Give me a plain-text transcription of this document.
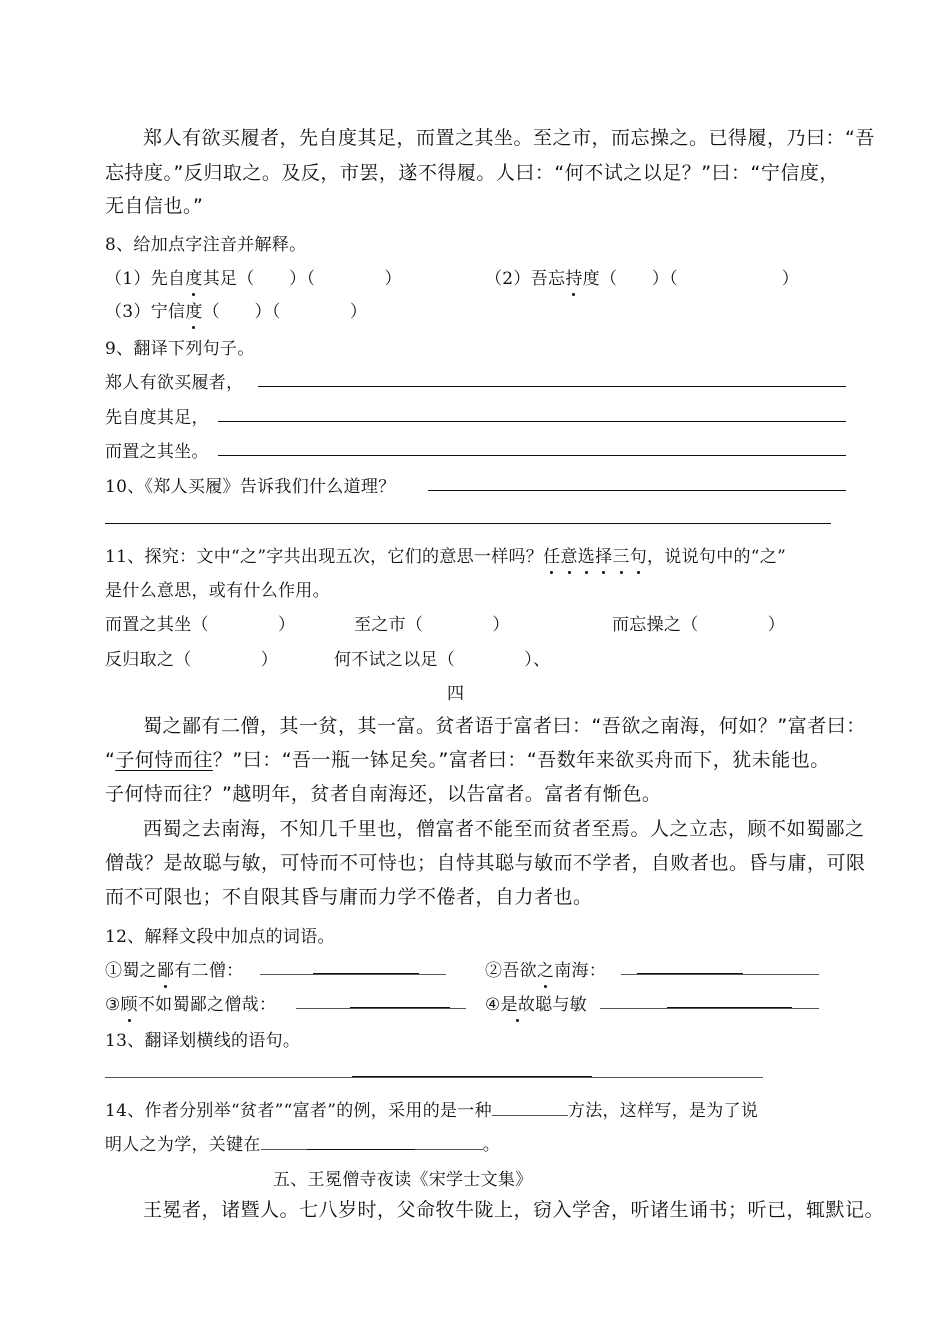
郑人有欲买履者，先自度其足，而置之其坐。至之市，而忘操之。已得履，乃曰：“吾
忘持度。”反归取之。及反，市罢，遂不得履。人曰：“何不试之以足？”曰：“宁信度，
无自信也。”
8、给加点字注音并解释。
（1）先自度其足（　　）（　　　　）	（2）吾忘持度（　　）（　　　　　　）
（3）宁信度（　　）（　　　　）
9、翻译下列句子。
郑人有欲买履者，
先自度其足，
而置之其坐。
10、《郑人买履》告诉我们什么道理？
11、探究：文中“之”字共出现五次，它们的意思一样吗？任意选择三句，说说句中的“之”
是什么意思，或有什么作用。
而置之其坐（　　　　）	至之市（　　　　）	而忘操之（　　　　）
反归取之（　　　　）	何不试之以足（　　　　）、
四
蜀之鄙有二僧，其一贫，其一富。贫者语于富者曰：“吾欲之南海，何如？”富者曰：
“子何恃而往？”曰：“吾一瓶一钵足矣。”富者曰：“吾数年来欲买舟而下，犹未能也。
子何恃而往？”越明年，贫者自南海还，以告富者。富者有惭色。
西蜀之去南海，不知几千里也，僧富者不能至而贫者至焉。人之立志，顾不如蜀鄙之
僧哉？是故聪与敏，可恃而不可恃也；自恃其聪与敏而不学者，自败者也。昏与庸，可限
而不可限也；不自限其昏与庸而力学不倦者，自力者也。
12、解释文段中加点的词语。
①蜀之鄙有二僧：	②吾欲之南海：
③顾不如蜀鄙之僧哉：	④是故聪与敏
13、翻译划横线的语句。
14、作者分别举“贫者”“富者”的例，采用的是一种	方法，这样写，是为了说
明人之为学，关键在	。
五、王冕僧寺夜读《宋学士文集》
王冕者，诸暨人。七八岁时，父命牧牛陇上，窃入学舍，听诸生诵书；听已，辄默记。
